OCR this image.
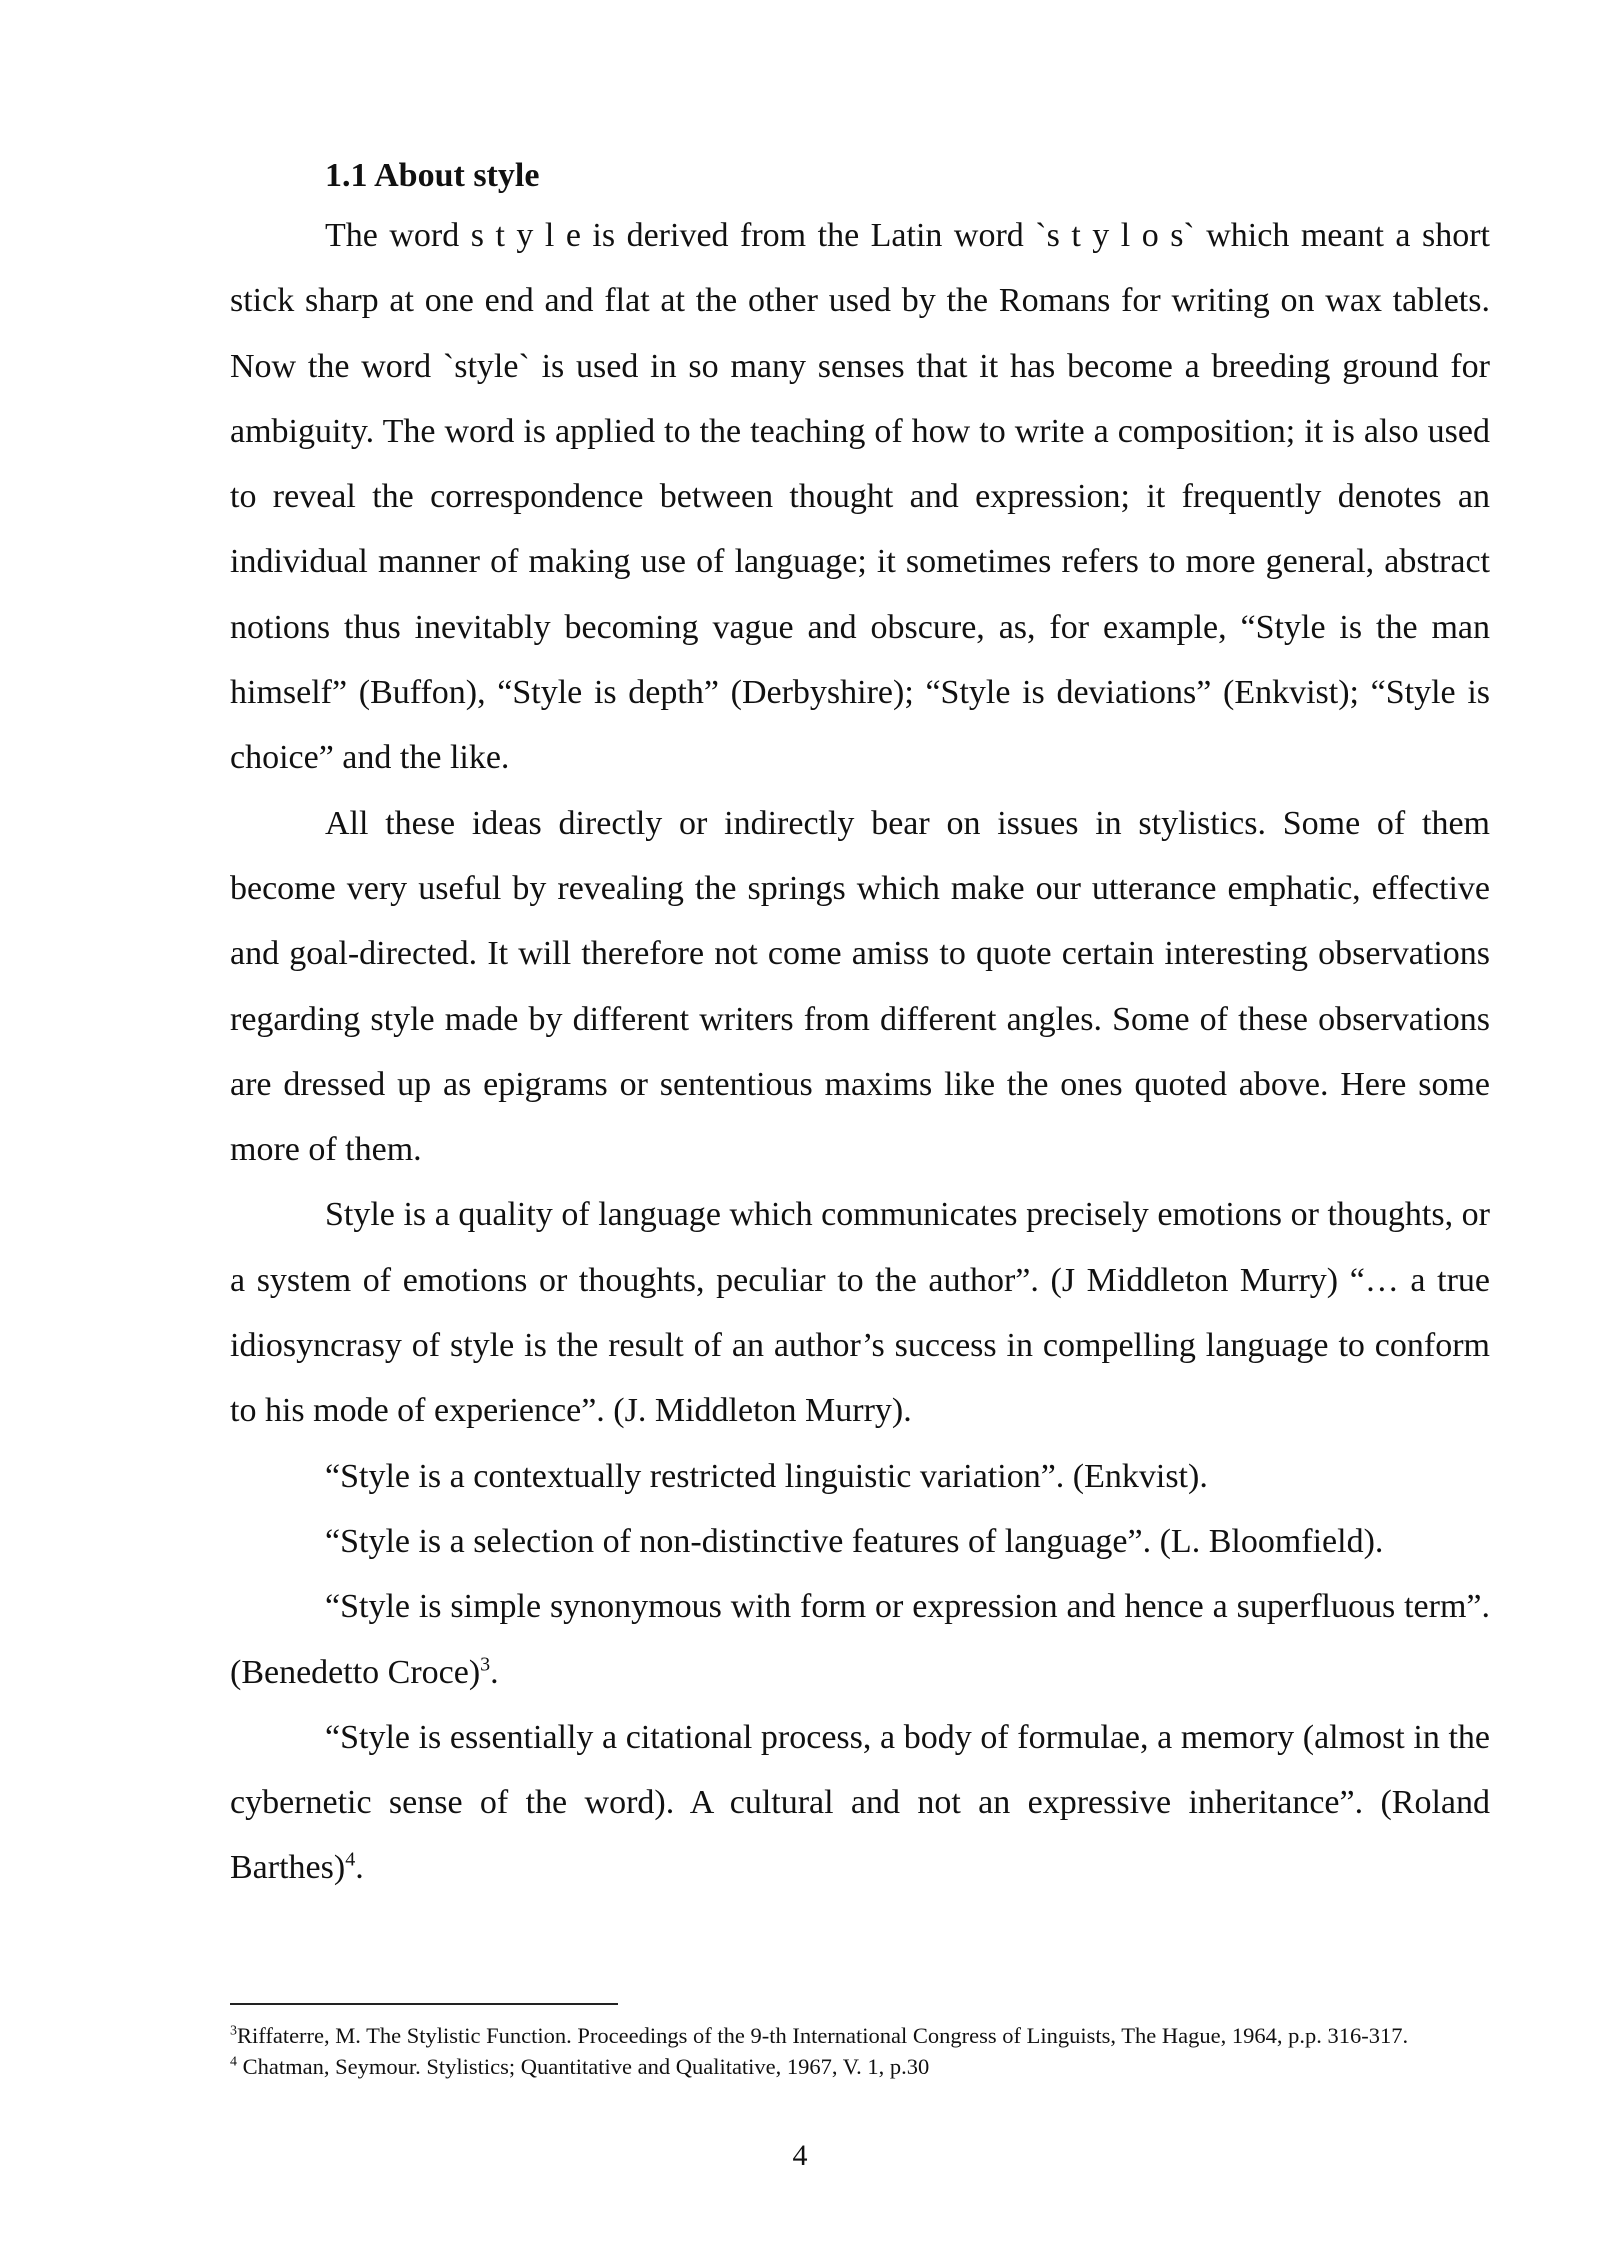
1.1 About style

The word s t y l e is derived from the Latin word `s t y l o s` which meant a short stick sharp at one end and flat at the other used by the Romans for writing on wax tablets. Now the word `style` is used in so many senses that it has become a breeding ground for ambiguity. The word is applied to the teaching of how to write a composition; it is also used to reveal the correspondence between thought and expression; it frequently denotes an individual manner of making use of language; it sometimes refers to more general, abstract notions thus inevitably becoming vague and obscure, as, for example, “Style is the man himself” (Buffon), “Style is depth” (Derbyshire); “Style is deviations” (Enkvist); “Style is choice” and the like.

All these ideas directly or indirectly bear on issues in stylistics. Some of them become very useful by revealing the springs which make our utterance emphatic, effective and goal-directed. It will therefore not come amiss to quote certain interesting observations regarding style made by different writers from different angles. Some of these observations are dressed up as epigrams or sententious maxims like the ones quoted above. Here some more of them.

Style is a quality of language which communicates precisely emotions or thoughts, or a system of emotions or thoughts, peculiar to the author”. (J Middleton Murry) “… a true idiosyncrasy of style is the result of an author’s success in compelling language to conform to his mode of experience”. (J. Middleton Murry).

“Style is a contextually restricted linguistic variation”. (Enkvist).

“Style is a selection of non-distinctive features of language”. (L. Bloomfield).

“Style is simple synonymous with form or expression and hence a superfluous term”. (Benedetto Croce)$^3$.

“Style is essentially a citational process, a body of formulae, a memory (almost in the cybernetic sense of the word). A cultural and not an expressive inheritance”. (Roland Barthes)$^4$.

$^3$Riffaterre, M. The Stylistic Function. Proceedings of the 9-th International Congress of Linguists, The Hague, 1964, p.p. 316-317.

$^4$ Chatman, Seymour. Stylistics; Quantitative and Qualitative, 1967, V. 1, p.30

4
